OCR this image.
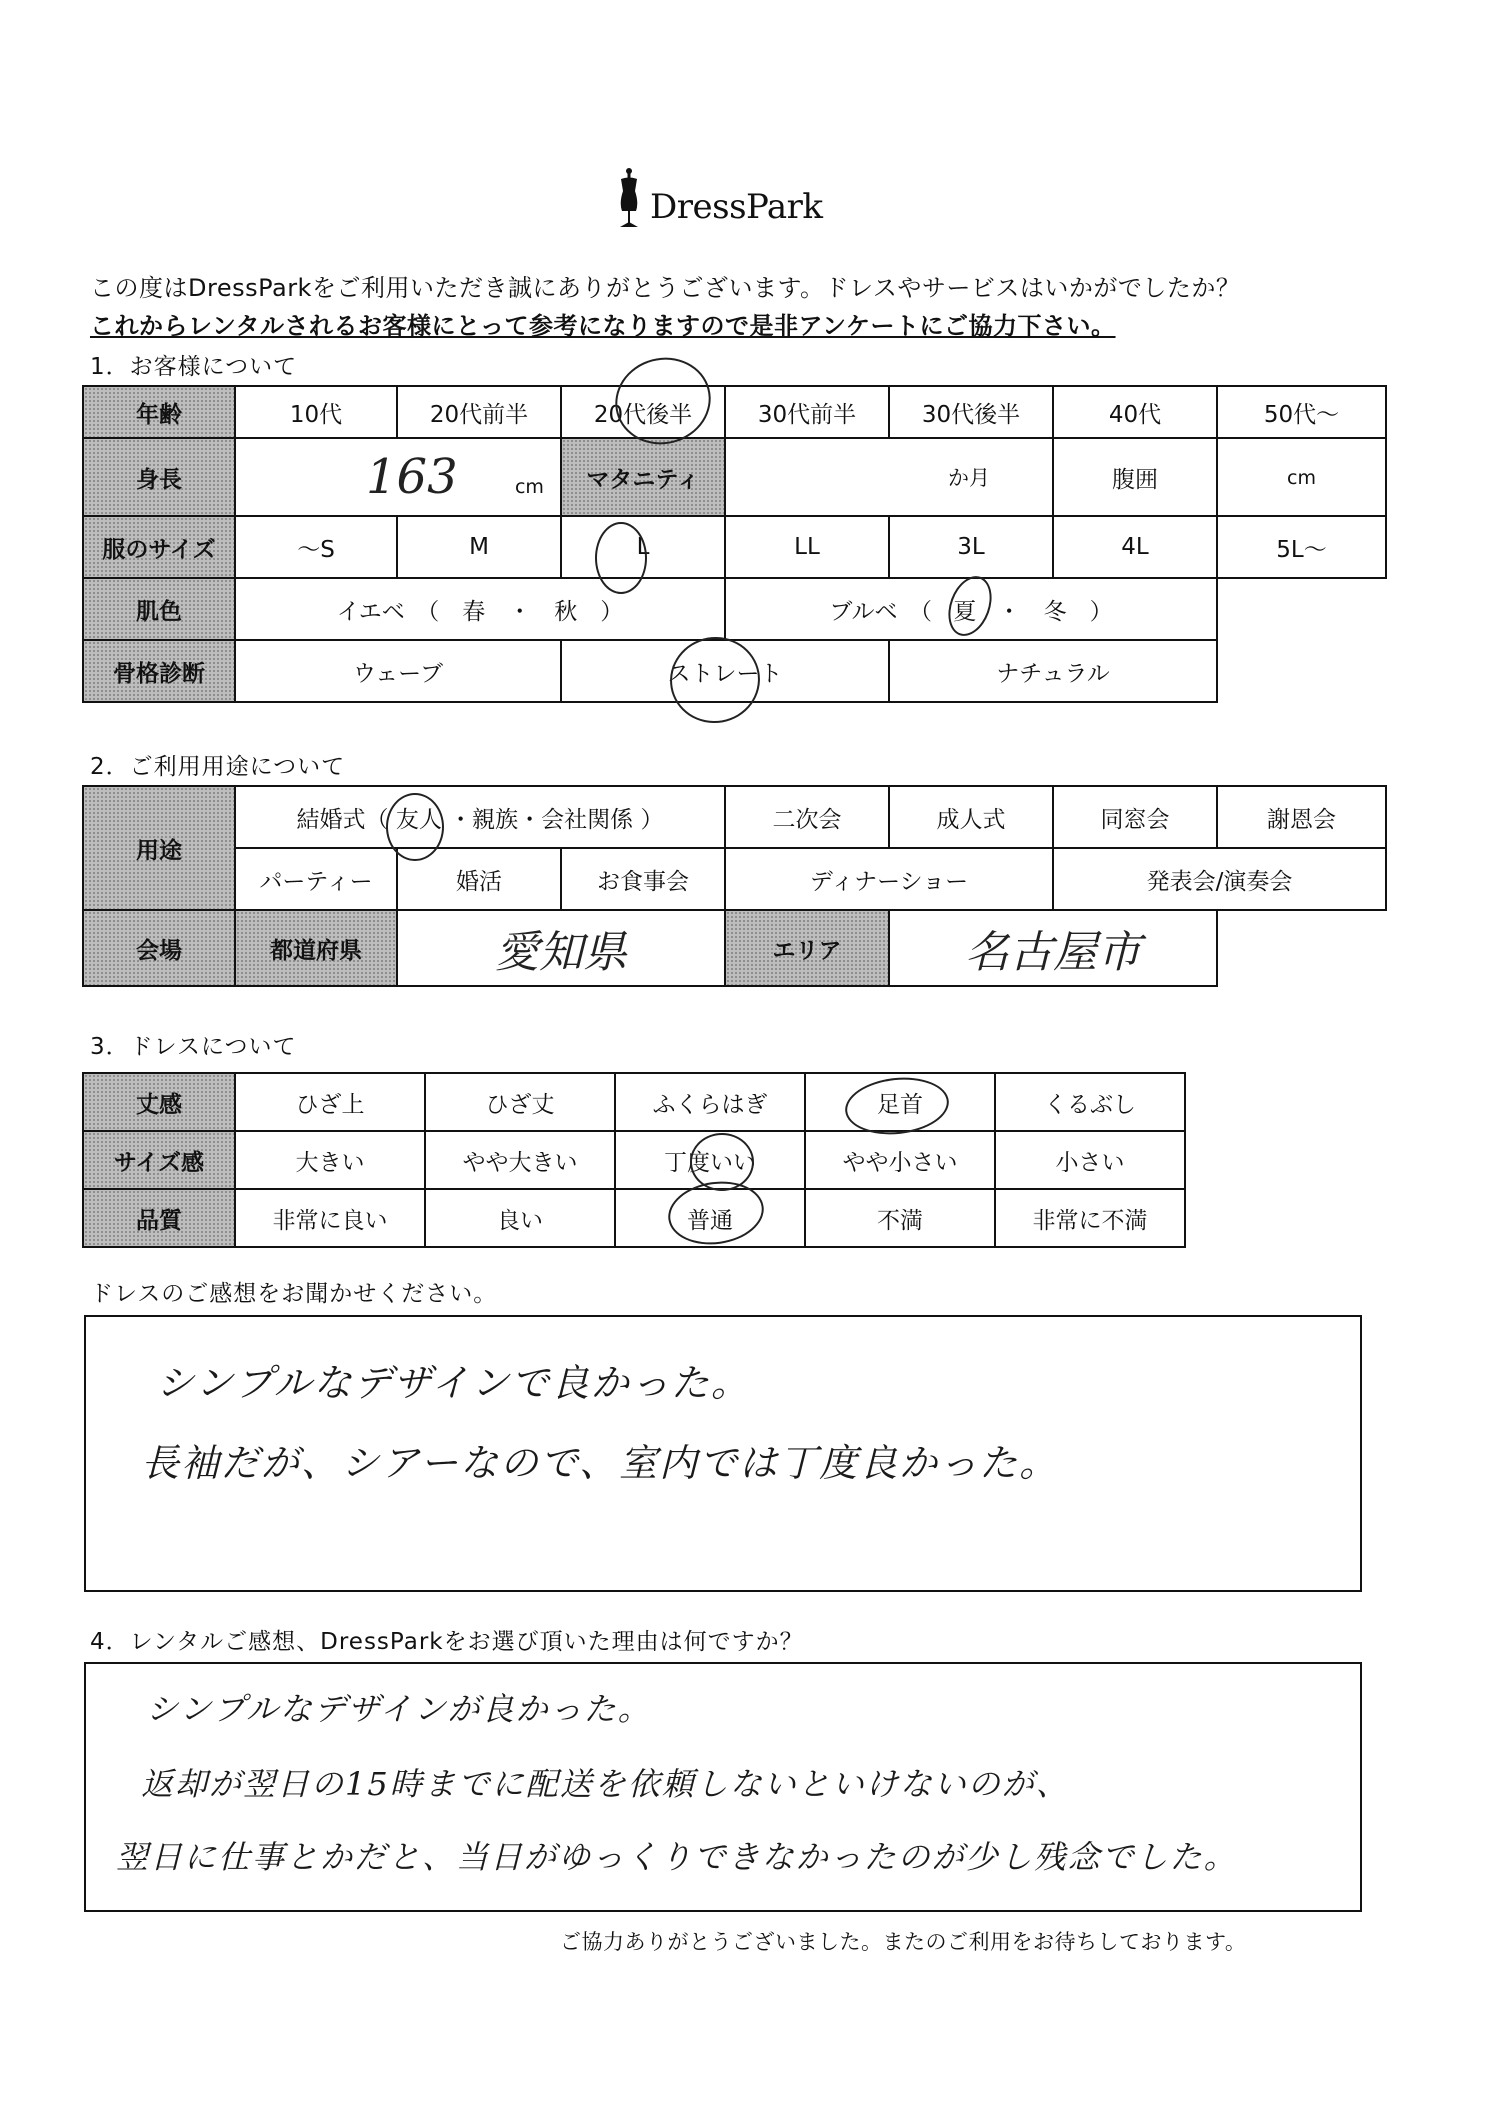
DressPark
この度はDressParkをご利用いただき誠にありがとうございます。ドレスやサービスはいかがでしたか？
これからレンタルされるお客様にとって参考になりますので是非アンケートにご協力下さい。
1．お客様について
年齢	10代	20代前半	20代後半	30代前半	30代後半	40代	50代～
身長	163 cm		マタニティ	か月		腹囲	cm
服のサイズ	～S	M	L	LL	3L	4L	5L～
肌色	イエベ　（　春　・　秋　）			ブルベ　（ 夏 ・　冬　）			
骨格診断	ウェーブ		ストレート		ナチュラル		
2．ご利用用途について
用途	結婚式（ 友人 ・親族・会社関係 ）			二次会	成人式	同窓会	謝恩会
	パーティー	婚活	お食事会	ディナーショー		発表会/演奏会	
会場	都道府県	愛知県		エリア	名古屋市		
3．ドレスについて
丈感	ひざ上	ひざ丈	ふくらはぎ	足首	くるぶし
サイズ感	大きい	やや大きい	丁度いい	やや小さい	小さい
品質	非常に良い	良い	普通	不満	非常に不満
ドレスのご感想をお聞かせください。
シンプルなデザインで良かった。
長袖だが、シアーなので、室内では丁度良かった。
4．レンタルご感想、DressParkをお選び頂いた理由は何ですか？
シンプルなデザインが良かった。
返却が翌日の15時までに配送を依頼しないといけないのが、
翌日に仕事とかだと、当日がゆっくりできなかったのが少し残念でした。
ご協力ありがとうございました。またのご利用をお待ちしております。
